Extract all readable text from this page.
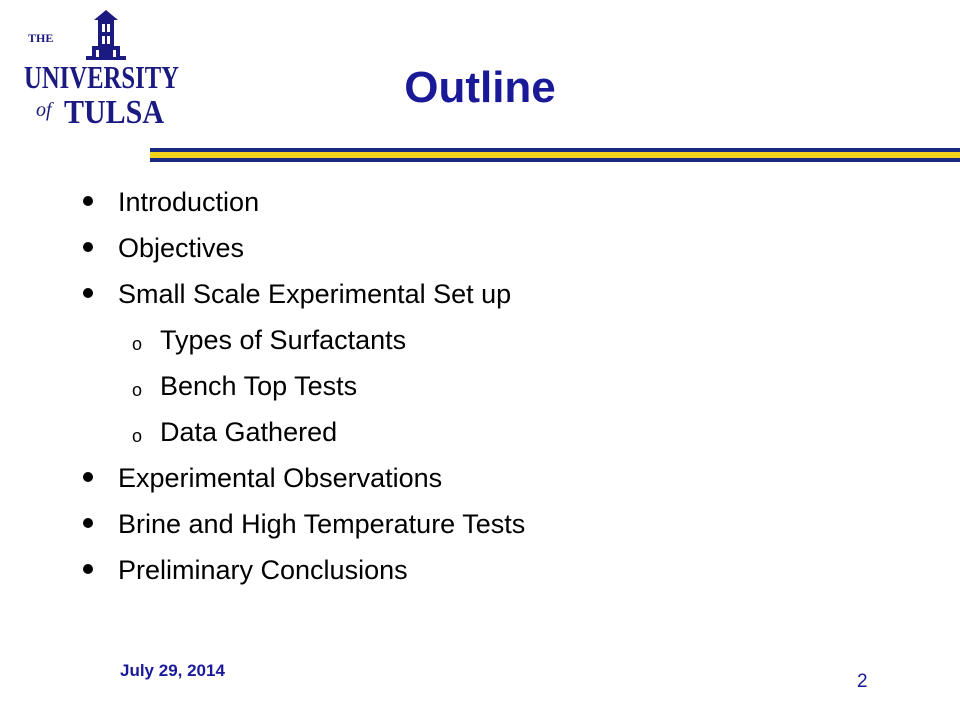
THE
UNIVERSITY
of TULSA
Outline
Introduction
Objectives
Small Scale Experimental Set up
o Types of Surfactants
o Bench Top Tests
o Data Gathered
Experimental Observations
Brine and High Temperature Tests
Preliminary Conclusions
July 29, 2014
2
